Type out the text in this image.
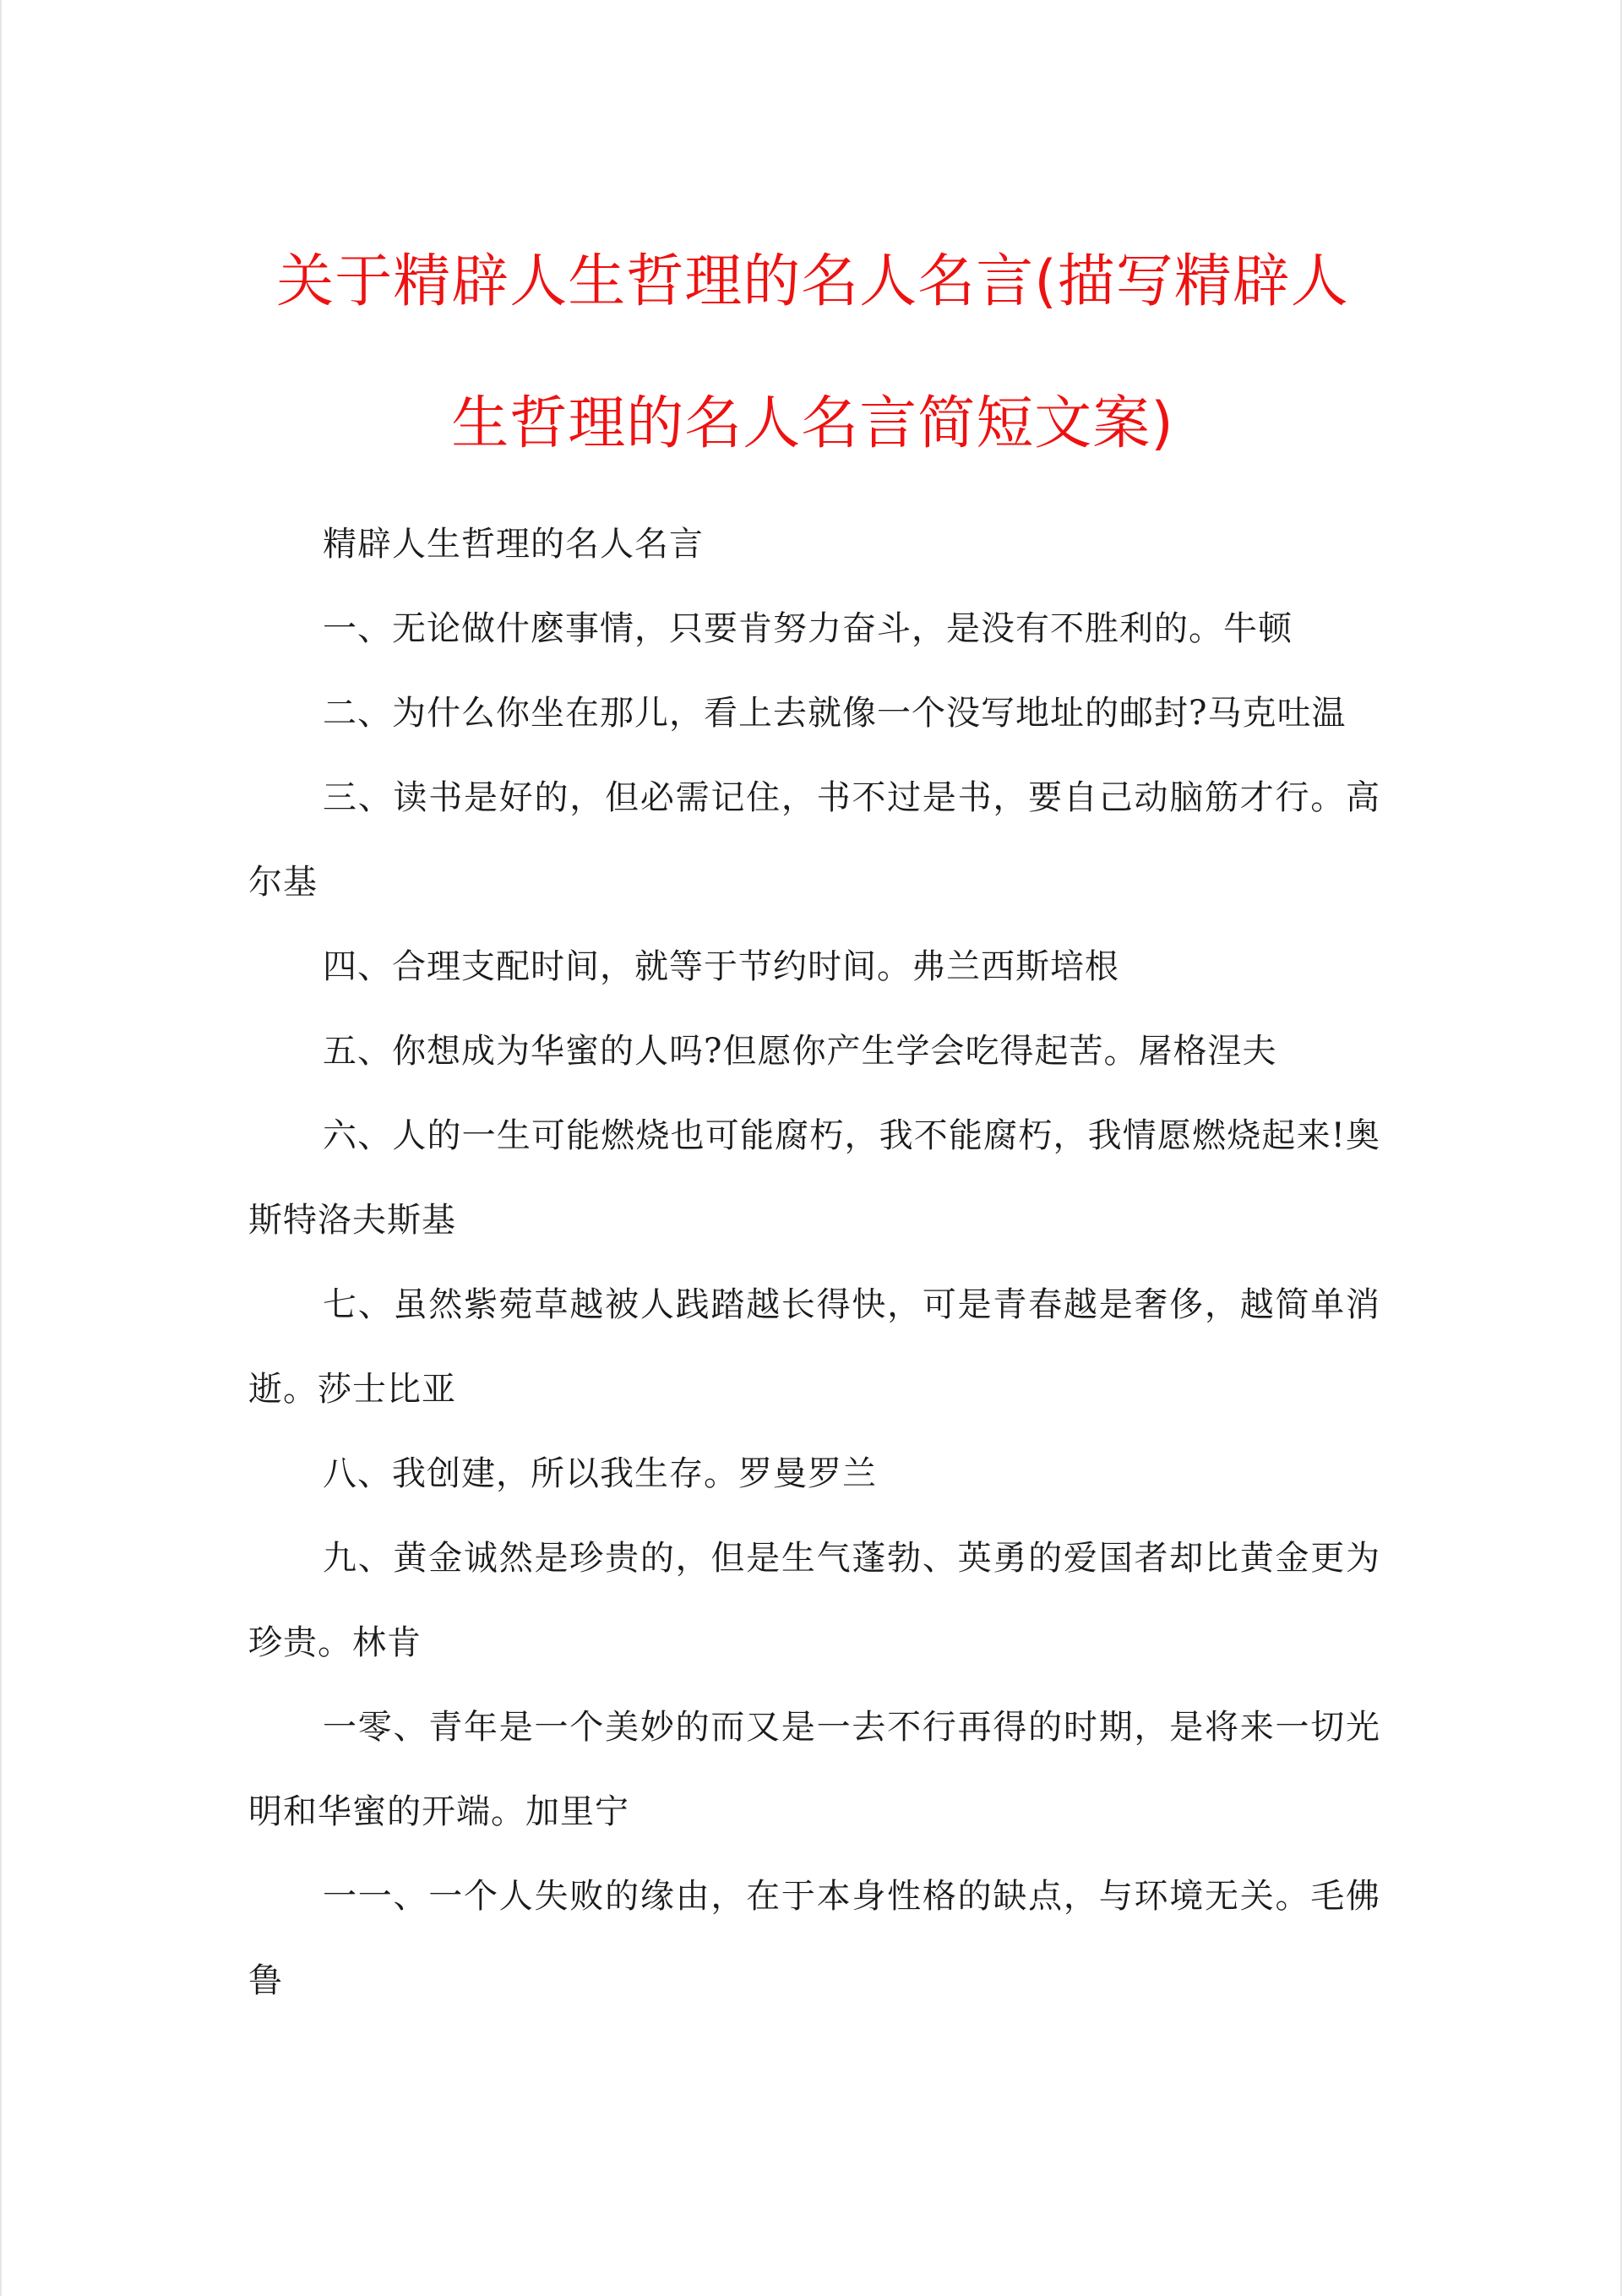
关于精辟人生哲理的名人名言(描写精辟人
生哲理的名人名言简短文案)

精辟人生哲理的名人名言

一、无论做什麽事情，只要肯努力奋斗，是没有不胜利的。牛顿

二、为什么你坐在那儿，看上去就像一个没写地址的邮封?马克吐温

三、读书是好的，但必需记住，书不过是书，要自己动脑筋才行。高尔基

四、合理支配时间，就等于节约时间。弗兰西斯培根

五、你想成为华蜜的人吗?但愿你产生学会吃得起苦。屠格涅夫

六、人的一生可能燃烧也可能腐朽，我不能腐朽，我情愿燃烧起来!奥斯特洛夫斯基

七、虽然紫菀草越被人践踏越长得快，可是青春越是奢侈，越简单消逝。莎士比亚

八、我创建，所以我生存。罗曼罗兰

九、黄金诚然是珍贵的，但是生气蓬勃、英勇的爱国者却比黄金更为珍贵。林肯

一零、青年是一个美妙的而又是一去不行再得的时期，是将来一切光明和华蜜的开端。加里宁

一一、一个人失败的缘由，在于本身性格的缺点，与环境无关。毛佛鲁
